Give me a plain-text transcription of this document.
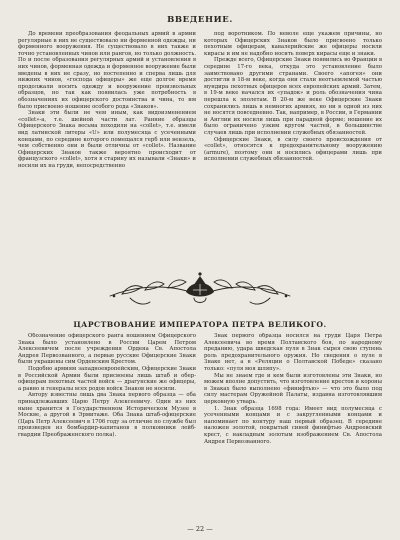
ВВЕДЕНИЕ.

До времени преобразования феодальных армий в армии регулярные в них не существовало ни форменной одежды, ни форменного вооружения. Не существовало в них также и точно установленных чинов или рангов, но только должность. По и после образования регулярных армий и установления в них чинов, форменная одежда и форменное вооружение были введены в них не сразу, но постепенно и сперва лишь для нижних чинов, «господа офицеры» же еще долгое время продолжали носить одежду и вооружение произвольных образцов, но так как появилась уже потребность в обозначениях их офицерского достоинства и чина, то им было присвоено ношение особого рода «Знаков».

Знаки эти были не чем иным, как видоизменением «collet»-а, т.е. шейной части лат. Ранние образцы Офицерского Знака весьма походили на «collet», т.е. имели вид латинской литеры «U» или полумесяца с усеченными концами, по середине которого помещался герб или вензель, чем собственно они и были отличны от «collet». Название Офицерских Знаков также вероятно происходит от французского «collet», хотя в старину их называли «Знаки» и носили их на груди, непосредственно

под воротником. По неволе еще укажем причины, но которых Офицерских Знаков было присвоено только пехотным офицерам, кавалерийские же офицеры носили кирасы и им не надобно носить поверх кирасы еще и знаки.

Прежде всего, Офицерские Знаки появились во Франции в середине 17-го века, откуда это установление было заимствовано другими странами. Своего «апогея» они достигли в 18-м веке, когда они стали неотъемлемой частью мундира пехотных офицеров всех европейских армий. Затем, в 19-м веке начался их «упадок» и роль обозначения чина перешла к эполетам. В 20-м же веке Офицерские Знаки сохранились лишь в немногих армиях, но ни в одной из них не носятся повседневно. Так, например, в России, в Германии и Англии их носили лишь при парадной форме; ношение их было ограничено узким кругом частей, в большинстве случаев лишь при исполнении служебных обязанностей.

Офицерские Знаки, в силу своего происхождения от «collet», относятся к предохранительному вооружению (armure), поэтому они и носились офицерами лишь при исполнении служебных обязанностей.

ЦАРСТВОВАНИЕ ИМПЕРАТОРА ПЕТРА ВЕЛИКОГО.

Обозначение офицерского ранга ношением Офицерского Знака было установлено в России Царем Петром Алексеевичем после учреждения Ордена Св. Апостола Андрея Первозванного, а первые русские Офицерские Знаки были украшены сим Орденским Крестом.

Подобно армиям западноевропейским, Офицерские Знаки в Российской Армии были присвоены лишь штаб и обер-офицерам пехотных частей войск — драгунские же офицеры, а равно и генералы всех родов войск Знаков не носили.

Автору известны лишь два Знака первого образца — оба принадлежавших Царю Петру Алексеевичу. Один из них ныне хранится в Государственном Историческом Музее в Москве, а другой в Эрмитаже. Оба Знака штаб-офицерские (Царь Петр Алексеевич в 1706 году за отличие по службе был произведен из бомбардир-капитанов в полковники лейб-гвардии Преображенского полка).

Знак первого образца носился на груди Царя Петра Алексеевича во время Полтавского боя, по народному преданию, удара шведская пуля в Знак сырея свою ступень роль предохранительного оружия. Но сведения о пуле в Знаке нет, а в «Реляции о Полтавской Победе» сказано только: «пуля моя шляпу».

Мы не знаем где и кем были изготовлены эти Знаки, но можем вполне допустить, что изготовление крестов и короны в Знаках было выполнено «финифтью» — что это было под силу мастерам Оружейной Палаты, издавна изготовлявшим церковную утварь.

1. Знак образца 1698 года: Имеет вид полумесяца с усеченными концами и с закругленными концами и напоминает по контуру наш первый образец. В середине наложен золотой, покрытый синей финифтью Андреевский крест, с накладным золотым изображением Св. Апостола Андрея Первозванного.

— 22 —
